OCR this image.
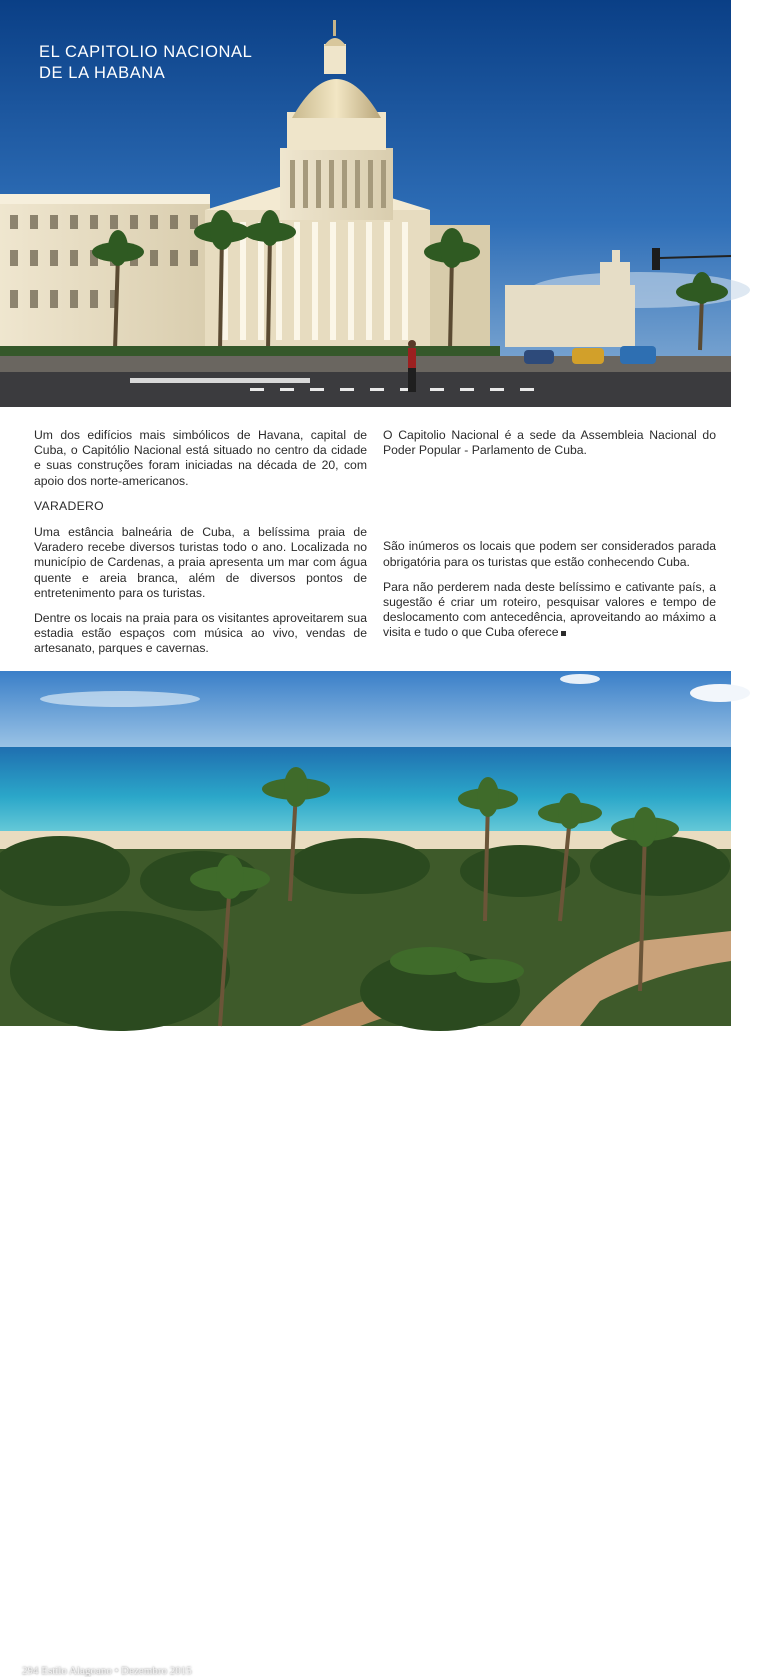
EL CAPITOLIO NACIONAL
DE LA HABANA

Um dos edifícios mais simbólicos de Havana, capital de Cuba, o Capitólio Nacional está situado no centro da cidade e suas construções foram iniciadas na década de 20, com apoio dos norte-americanos.

VARADERO

Uma estância balneária de Cuba, a belíssima praia de Varadero recebe diversos turistas todo o ano. Localizada no município de Cardenas, a praia apresenta um mar com água quente e areia branca, além de diversos pontos de entretenimento para os turistas.

Dentre os locais na praia para os visitantes aproveitarem sua estadia estão espaços com música ao vivo, vendas de artesanato, parques e cavernas.

O Capitolio Nacional é a sede da Assembleia Nacional do Poder Popular - Parlamento de Cuba.

São inúmeros os locais que podem ser considerados parada obrigatória para os turistas que estão conhecendo Cuba.

Para não perderem nada deste belíssimo e cativante país, a sugestão é criar um roteiro, pesquisar valores e tempo de deslocamento com antecedência, aproveitando ao máximo a visita e tudo o que Cuba oferece

294 Estilo Alagoano • Dezembro 2015
